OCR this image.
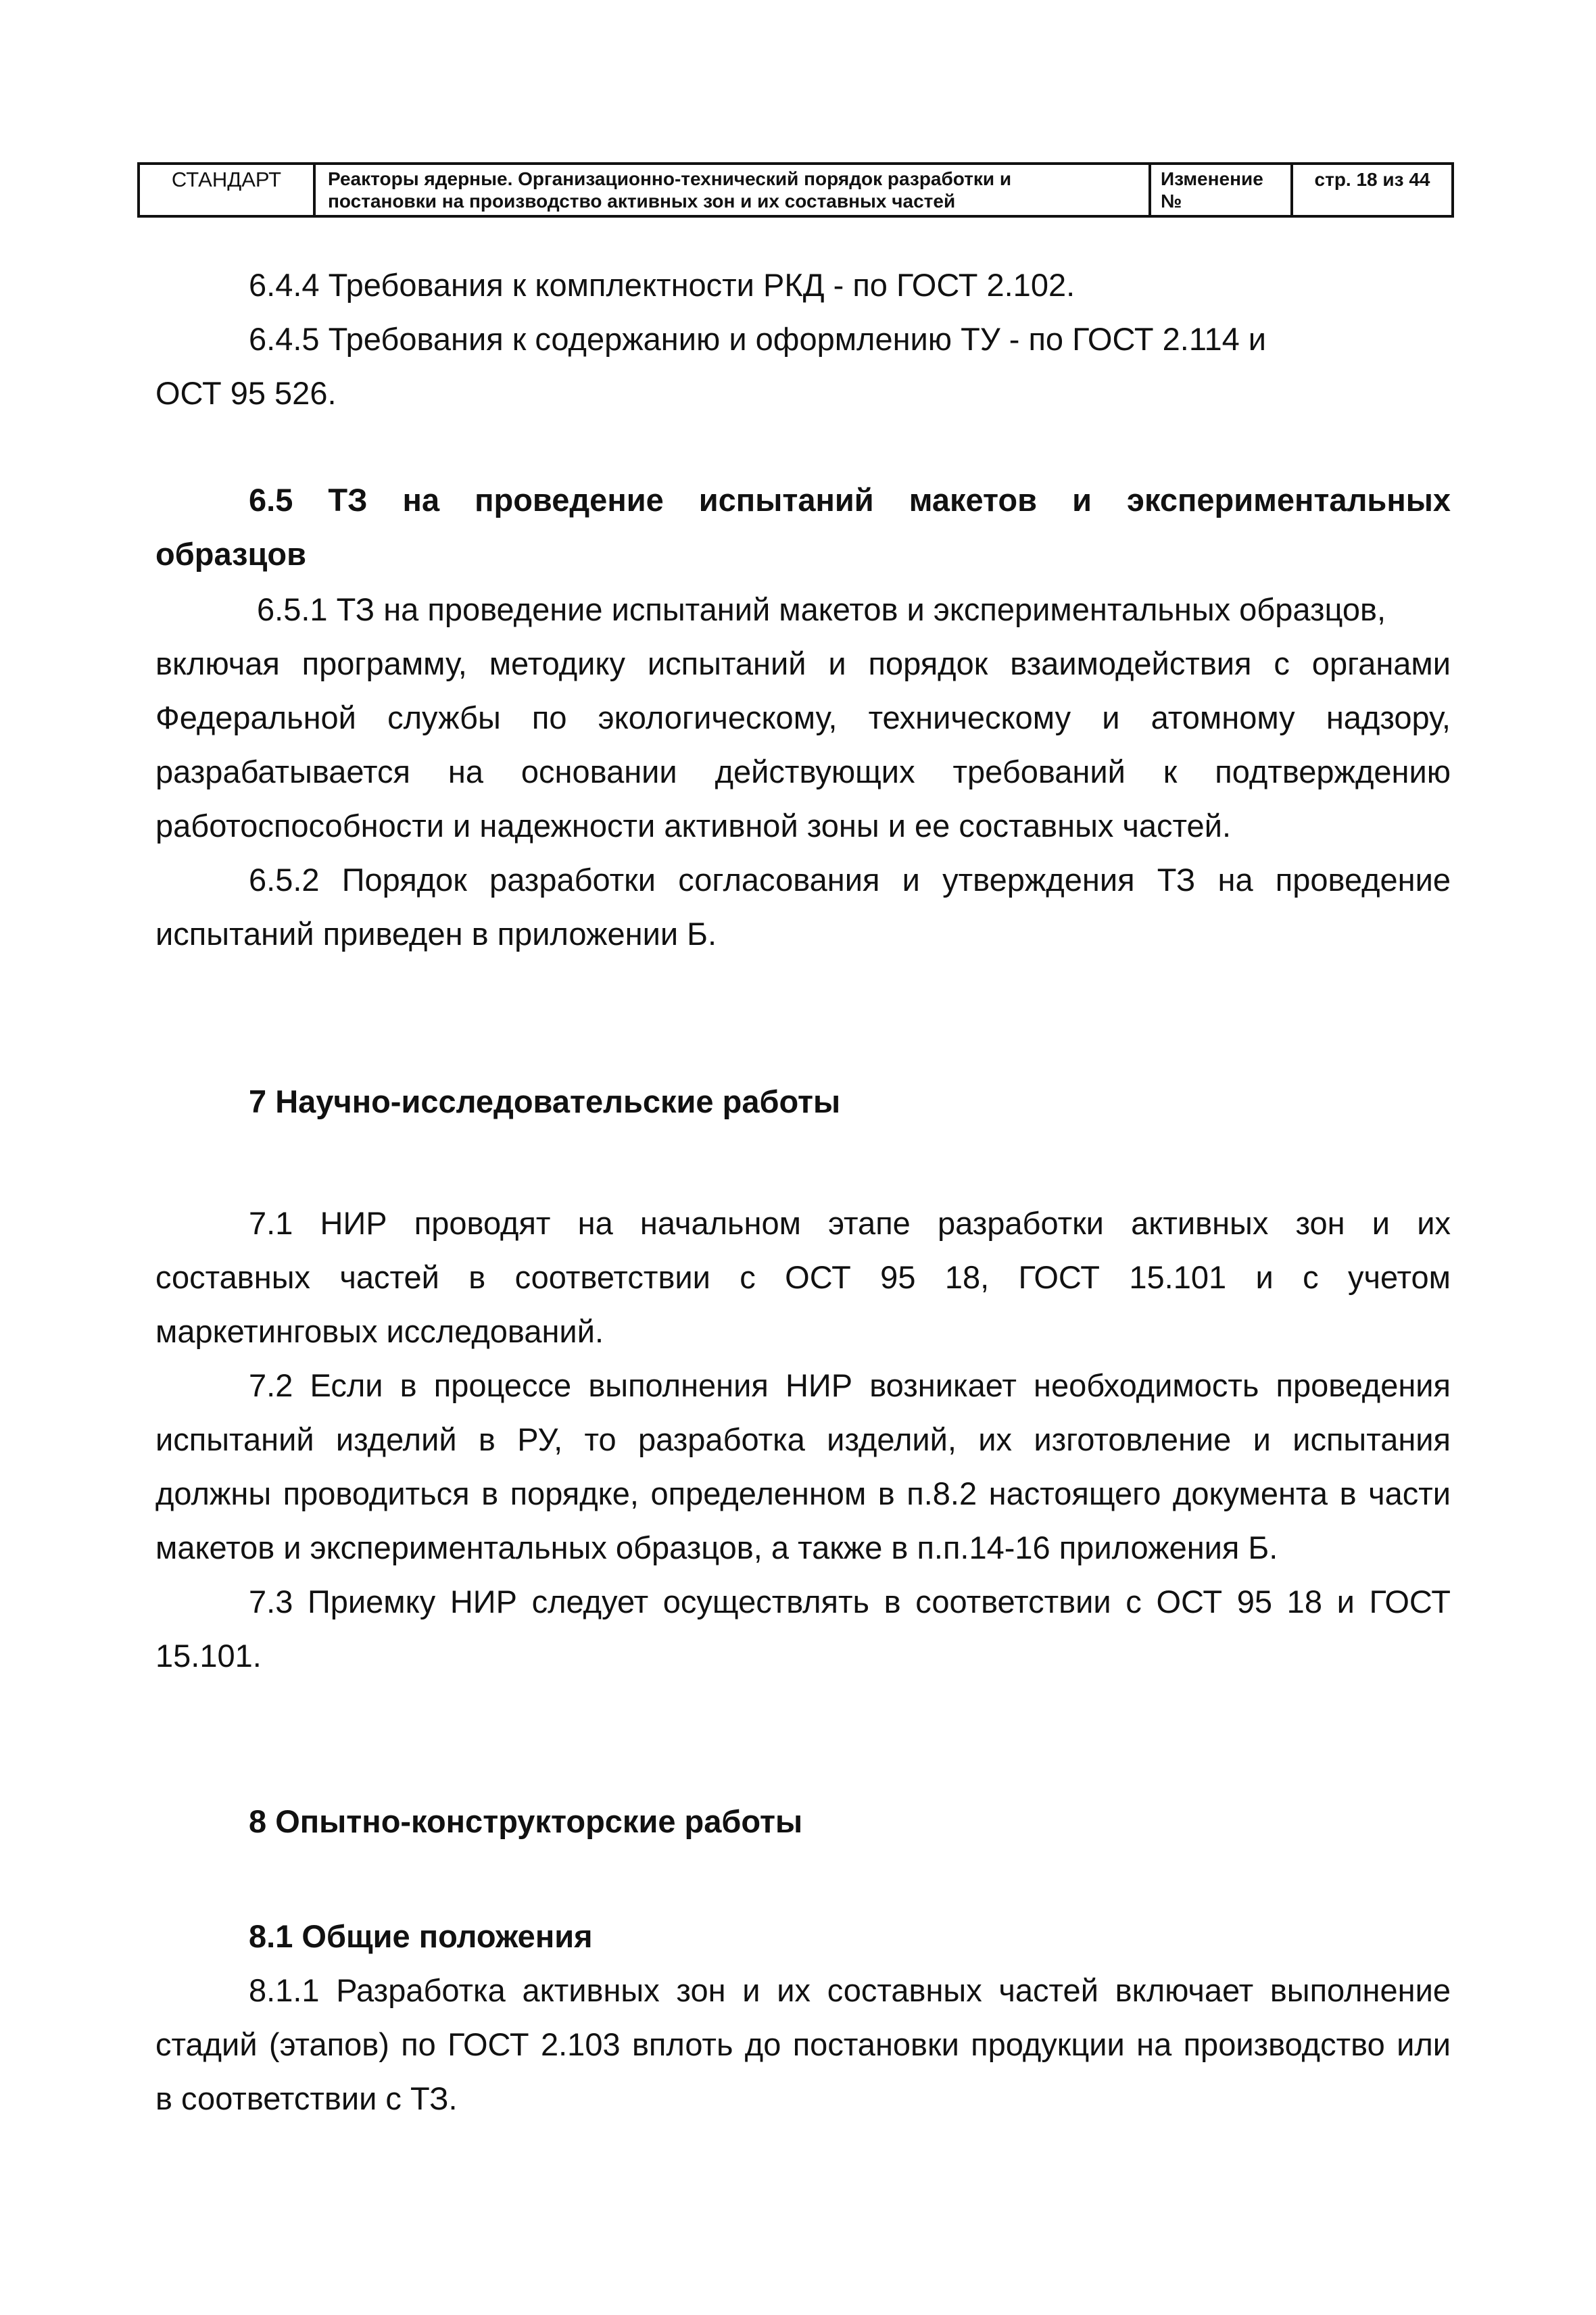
СТАНДАРТ	Реакторы ядерные. Организационно-технический порядок разработки и
постановки на производство активных зон и их составных частей
Изменение
№
стр. 18 из 44
6.4.4 Требования к комплектности РКД - по ГОСТ 2.102.
6.4.5 Требования к содержанию и оформлению ТУ - по ГОСТ 2.114 и
ОСТ 95 526.
6.5 ТЗ на проведение испытаний макетов и экспериментальных
образцов
6.5.1 ТЗ на проведение испытаний макетов и экспериментальных образцов,
включая программу, методику испытаний и порядок взаимодействия с органами
Федеральной службы по экологическому, техническому и атомному надзору,
разрабатывается на основании действующих требований к подтверждению
работоспособности и надежности активной зоны и ее составных частей.
6.5.2 Порядок разработки согласования и утверждения ТЗ на проведение
испытаний приведен в приложении Б.
7 Научно-исследовательские работы
7.1 НИР проводят на начальном этапе разработки активных зон и их
составных частей в соответствии с ОСТ 95 18, ГОСТ 15.101 и с учетом
маркетинговых исследований.
7.2 Если в процессе выполнения НИР возникает необходимость проведения
испытаний изделий в РУ, то разработка изделий, их изготовление и испытания
должны проводиться в порядке, определенном в п.8.2 настоящего документа в части
макетов и экспериментальных образцов, а также в п.п.14-16 приложения Б.
7.3 Приемку НИР следует осуществлять в соответствии с ОСТ 95 18 и ГОСТ
15.101.
8 Опытно-конструкторские работы
8.1 Общие положения
8.1.1 Разработка активных зон и их составных частей включает выполнение
стадий (этапов) по ГОСТ 2.103 вплоть до постановки продукции на производство или
в соответствии с ТЗ.
